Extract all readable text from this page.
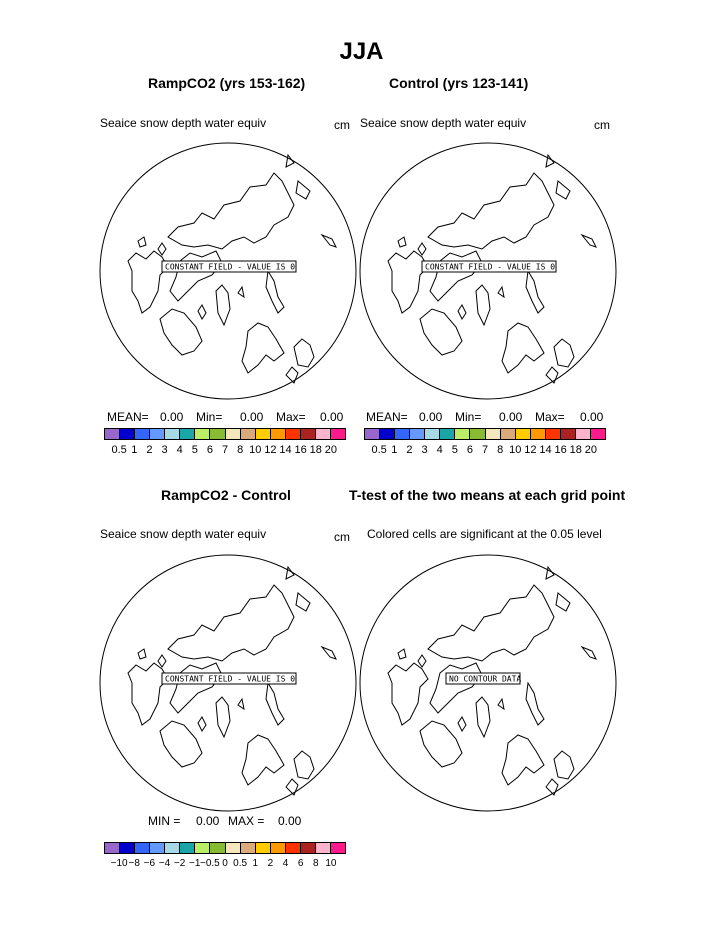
JJA
RampCO2 (yrs 153-162)
Seaice snow depth water equiv	cm
CONSTANT FIELD - VALUE IS 0
MEAN= 0.00 Min= 0.00 Max= 0.00
0.5 1 2 3 4 5 6 7 8 10 12 14 16 18 20
Control (yrs 123-141)
Seaice snow depth water equiv	cm
CONSTANT FIELD - VALUE IS 0
MEAN= 0.00 Min= 0.00 Max= 0.00
0.5 1 2 3 4 5 6 7 8 10 12 14 16 18 20
RampCO2 - Control
Seaice snow depth water equiv	cm
CONSTANT FIELD - VALUE IS 0
MIN = 0.00 MAX = 0.00
−10 −8 −6 −4 −2 −1 −0.5 0 0.5 1 2 4 6 8 10
T-test of the two means at each grid point
Colored cells are significant at the 0.05 level
NO CONTOUR DATA
